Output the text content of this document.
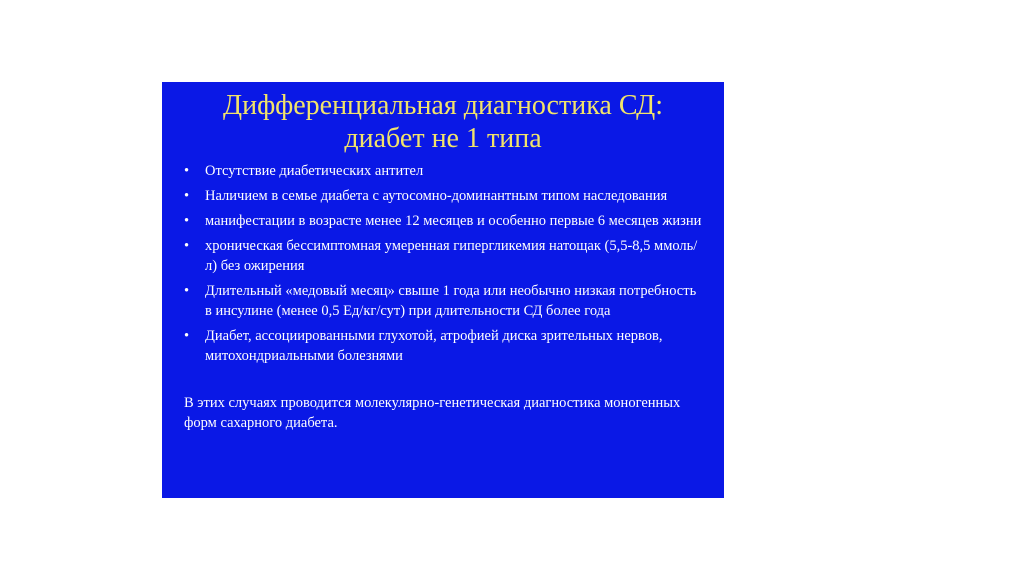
Дифференциальная диагностика СД:
диабет не 1 типа
• Отсутствие диабетических антител
• Наличием в семье диабета с аутосомно-доминантным типом наследования
• манифестации в возрасте менее 12 месяцев и особенно первые 6 месяцев жизни
• хроническая бессимптомная умеренная гипергликемия натощак (5,5-8,5 ммоль/л) без ожирения
• Длительный «медовый месяц» свыше 1 года или необычно низкая потребность в инсулине (менее 0,5 Ед/кг/сут) при длительности СД более года
• Диабет, ассоциированными глухотой, атрофией диска зрительных нервов, митохондриальными болезнями

В этих случаях проводится молекулярно-генетическая диагностика моногенных форм сахарного диабета.
